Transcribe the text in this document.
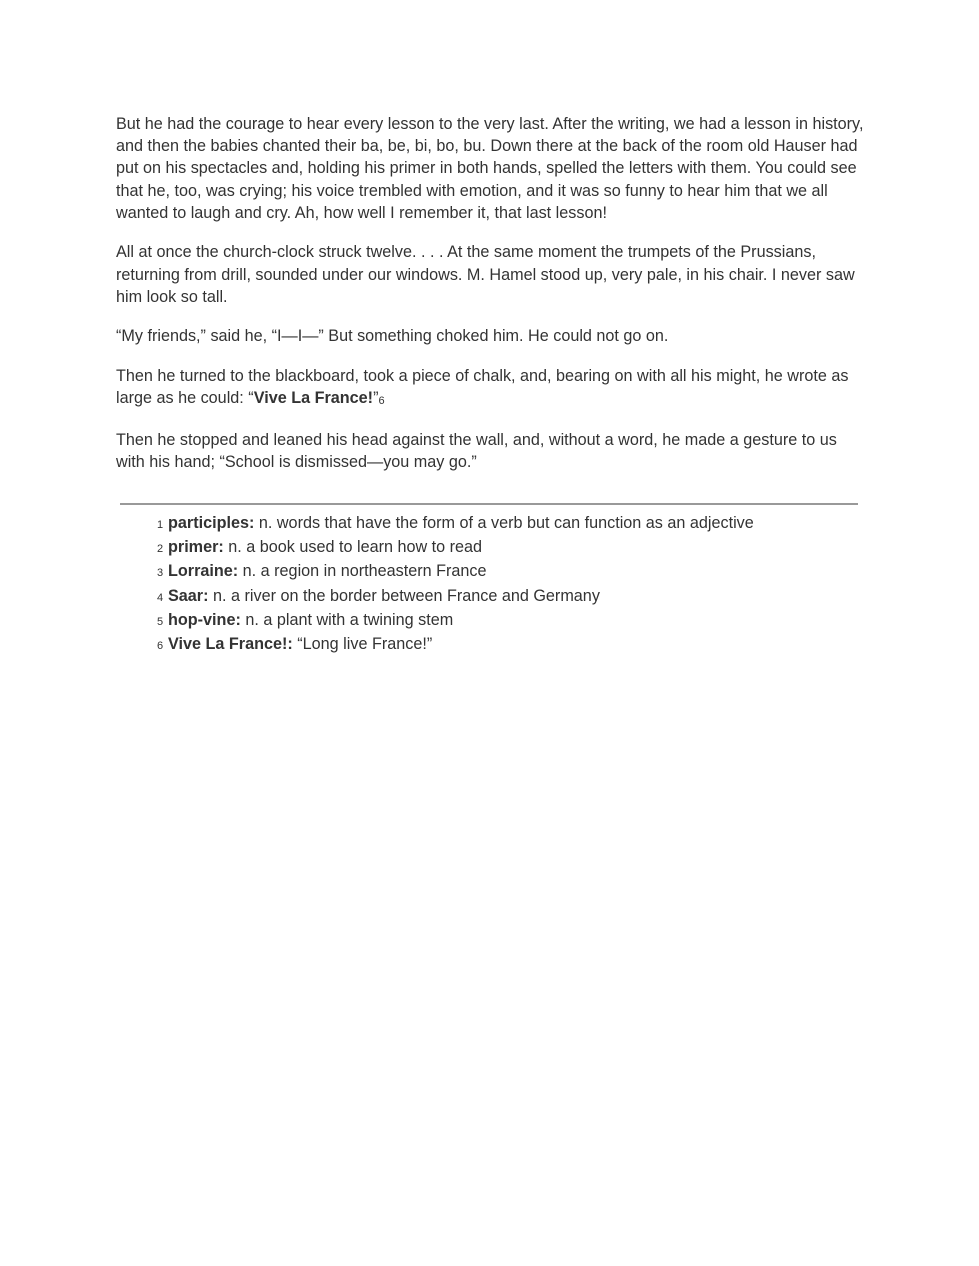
But he had the courage to hear every lesson to the very last. After the writing, we had a lesson in history, and then the babies chanted their ba, be, bi, bo, bu. Down there at the back of the room old Hauser had put on his spectacles and, holding his primer in both hands, spelled the letters with them. You could see that he, too, was crying; his voice trembled with emotion, and it was so funny to hear him that we all wanted to laugh and cry. Ah, how well I remember it, that last lesson!

All at once the church-clock struck twelve. . . . At the same moment the trumpets of the Prussians, returning from drill, sounded under our windows. M. Hamel stood up, very pale, in his chair. I never saw him look so tall.

“My friends,” said he, “I—I—” But something choked him. He could not go on.

Then he turned to the blackboard, took a piece of chalk, and, bearing on with all his might, he wrote as large as he could: “Vive La France!”6

Then he stopped and leaned his head against the wall, and, without a word, he made a gesture to us with his hand; “School is dismissed—you may go.”

1 participles: n. words that have the form of a verb but can function as an adjective
2 primer: n. a book used to learn how to read
3 Lorraine: n. a region in northeastern France
4 Saar: n. a river on the border between France and Germany
5 hop-vine: n. a plant with a twining stem
6 Vive La France!: “Long live France!”
